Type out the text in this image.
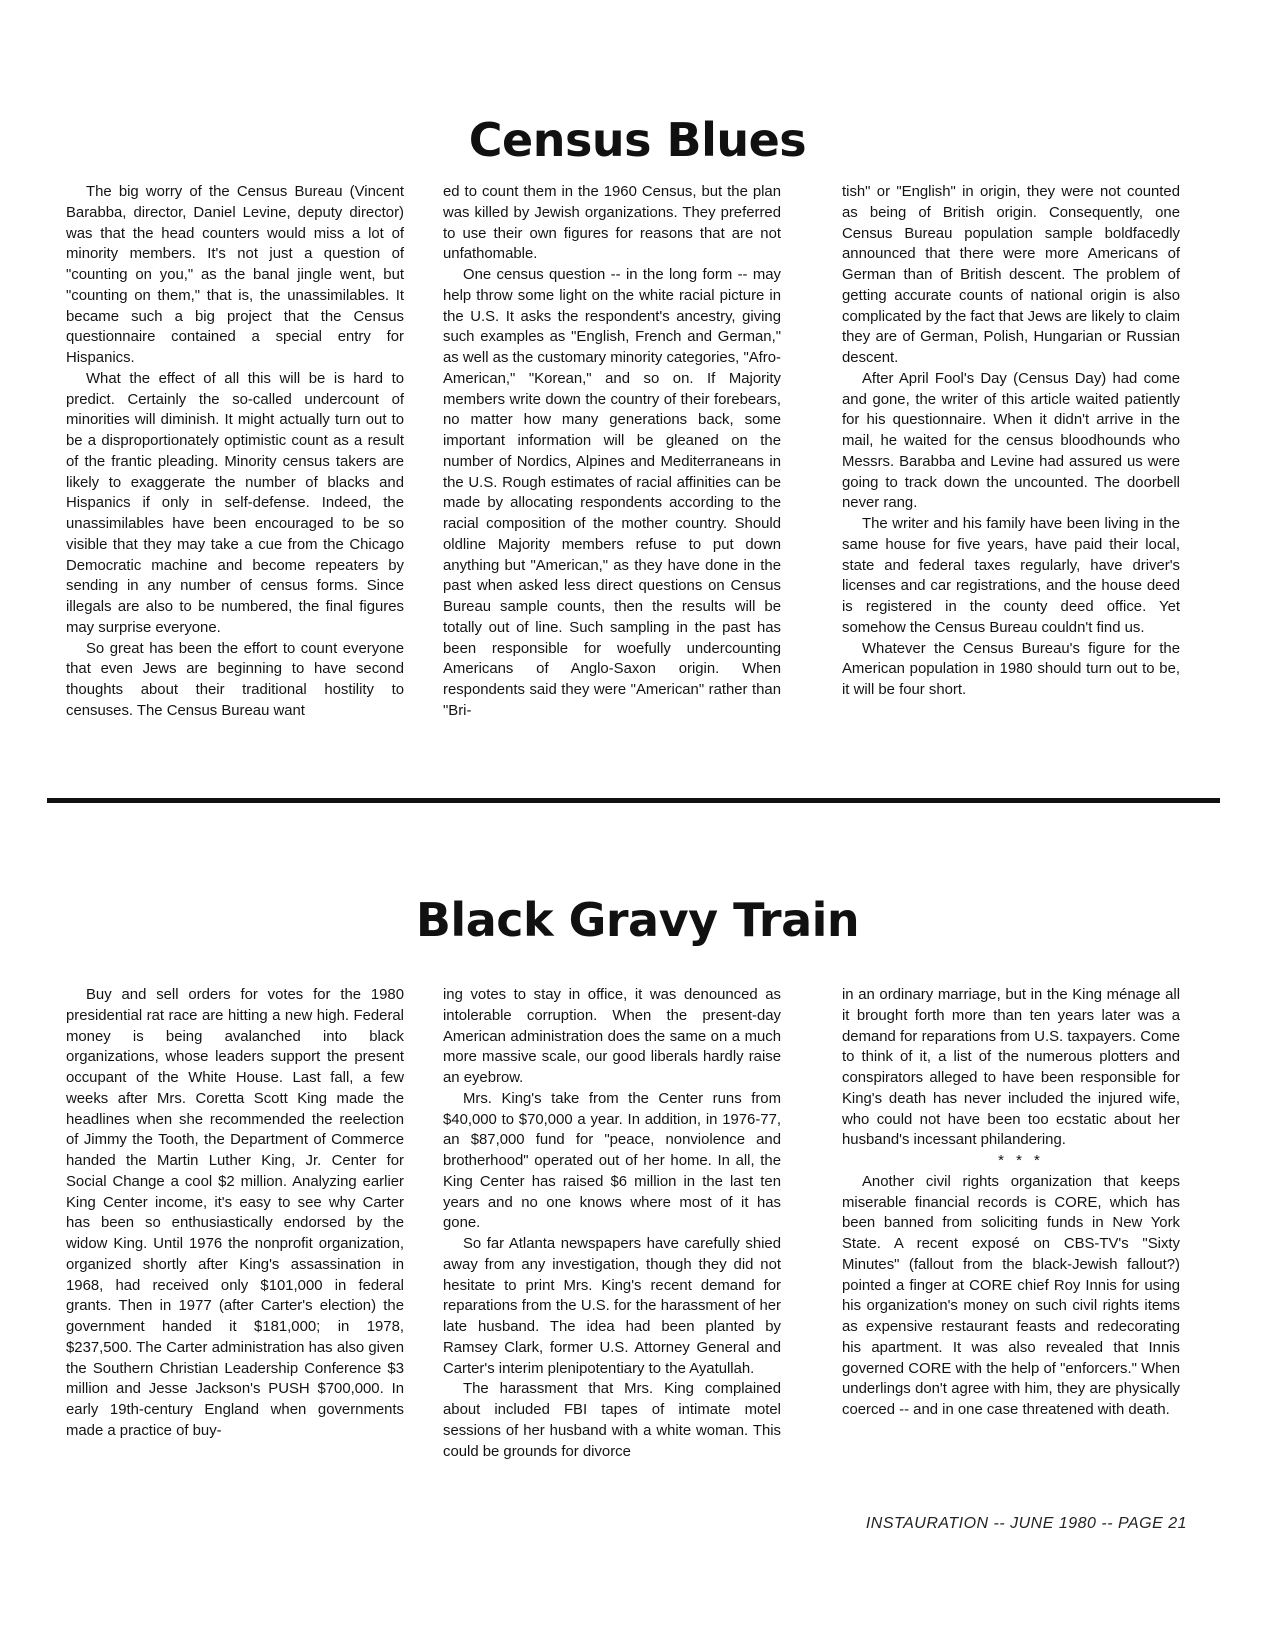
Census Blues

The big worry of the Census Bureau (Vincent Barabba, director, Daniel Levine, deputy director) was that the head counters would miss a lot of minority members. It's not just a question of "counting on you," as the banal jingle went, but "counting on them," that is, the unassimilables. It became such a big project that the Census questionnaire contained a special entry for Hispanics.

What the effect of all this will be is hard to predict. Certainly the so-called undercount of minorities will diminish. It might actually turn out to be a disproportionately optimistic count as a result of the frantic pleading. Minority census takers are likely to exaggerate the number of blacks and Hispanics if only in self-defense. Indeed, the unassimilables have been encouraged to be so visible that they may take a cue from the Chicago Democratic machine and become repeaters by sending in any number of census forms. Since illegals are also to be numbered, the final figures may surprise everyone.

So great has been the effort to count everyone that even Jews are beginning to have second thoughts about their traditional hostility to censuses. The Census Bureau want

ed to count them in the 1960 Census, but the plan was killed by Jewish organizations. They preferred to use their own figures for reasons that are not unfathomable.

One census question -- in the long form -- may help throw some light on the white racial picture in the U.S. It asks the respondent's ancestry, giving such examples as "English, French and German," as well as the customary minority categories, "Afro-American," "Korean," and so on. If Majority members write down the country of their forebears, no matter how many generations back, some important information will be gleaned on the number of Nordics, Alpines and Mediterraneans in the U.S. Rough estimates of racial affinities can be made by allocating respondents according to the racial composition of the mother country. Should oldline Majority members refuse to put down anything but "American," as they have done in the past when asked less direct questions on Census Bureau sample counts, then the results will be totally out of line. Such sampling in the past has been responsible for woefully undercounting Americans of Anglo-Saxon origin. When respondents said they were "American" rather than "Bri-

tish" or "English" in origin, they were not counted as being of British origin. Consequently, one Census Bureau population sample boldfacedly announced that there were more Americans of German than of British descent. The problem of getting accurate counts of national origin is also complicated by the fact that Jews are likely to claim they are of German, Polish, Hungarian or Russian descent.

After April Fool's Day (Census Day) had come and gone, the writer of this article waited patiently for his questionnaire. When it didn't arrive in the mail, he waited for the census bloodhounds who Messrs. Barabba and Levine had assured us were going to track down the uncounted. The doorbell never rang.

The writer and his family have been living in the same house for five years, have paid their local, state and federal taxes regularly, have driver's licenses and car registrations, and the house deed is registered in the county deed office. Yet somehow the Census Bureau couldn't find us.

Whatever the Census Bureau's figure for the American population in 1980 should turn out to be, it will be four short.

Black Gravy Train

Buy and sell orders for votes for the 1980 presidential rat race are hitting a new high. Federal money is being avalanched into black organizations, whose leaders support the present occupant of the White House. Last fall, a few weeks after Mrs. Coretta Scott King made the headlines when she recommended the reelection of Jimmy the Tooth, the Department of Commerce handed the Martin Luther King, Jr. Center for Social Change a cool $2 million. Analyzing earlier King Center income, it's easy to see why Carter has been so enthusiastically endorsed by the widow King. Until 1976 the nonprofit organization, organized shortly after King's assassination in 1968, had received only $101,000 in federal grants. Then in 1977 (after Carter's election) the government handed it $181,000; in 1978, $237,500. The Carter administration has also given the Southern Christian Leadership Conference $3 million and Jesse Jackson's PUSH $700,000. In early 19th-century England when governments made a practice of buy-

ing votes to stay in office, it was denounced as intolerable corruption. When the present-day American administration does the same on a much more massive scale, our good liberals hardly raise an eyebrow.

Mrs. King's take from the Center runs from $40,000 to $70,000 a year. In addition, in 1976-77, an $87,000 fund for "peace, nonviolence and brotherhood" operated out of her home. In all, the King Center has raised $6 million in the last ten years and no one knows where most of it has gone.

So far Atlanta newspapers have carefully shied away from any investigation, though they did not hesitate to print Mrs. King's recent demand for reparations from the U.S. for the harassment of her late husband. The idea had been planted by Ramsey Clark, former U.S. Attorney General and Carter's interim plenipotentiary to the Ayatullah.

The harassment that Mrs. King complained about included FBI tapes of intimate motel sessions of her husband with a white woman. This could be grounds for divorce

in an ordinary marriage, but in the King ménage all it brought forth more than ten years later was a demand for reparations from U.S. taxpayers. Come to think of it, a list of the numerous plotters and conspirators alleged to have been responsible for King's death has never included the injured wife, who could not have been too ecstatic about her husband's incessant philandering.

* * *

Another civil rights organization that keeps miserable financial records is CORE, which has been banned from soliciting funds in New York State. A recent exposé on CBS-TV's "Sixty Minutes" (fallout from the black-Jewish fallout?) pointed a finger at CORE chief Roy Innis for using his organization's money on such civil rights items as expensive restaurant feasts and redecorating his apartment. It was also revealed that Innis governed CORE with the help of "enforcers." When underlings don't agree with him, they are physically coerced -- and in one case threatened with death.

INSTAURATION -- JUNE 1980 -- PAGE 21
